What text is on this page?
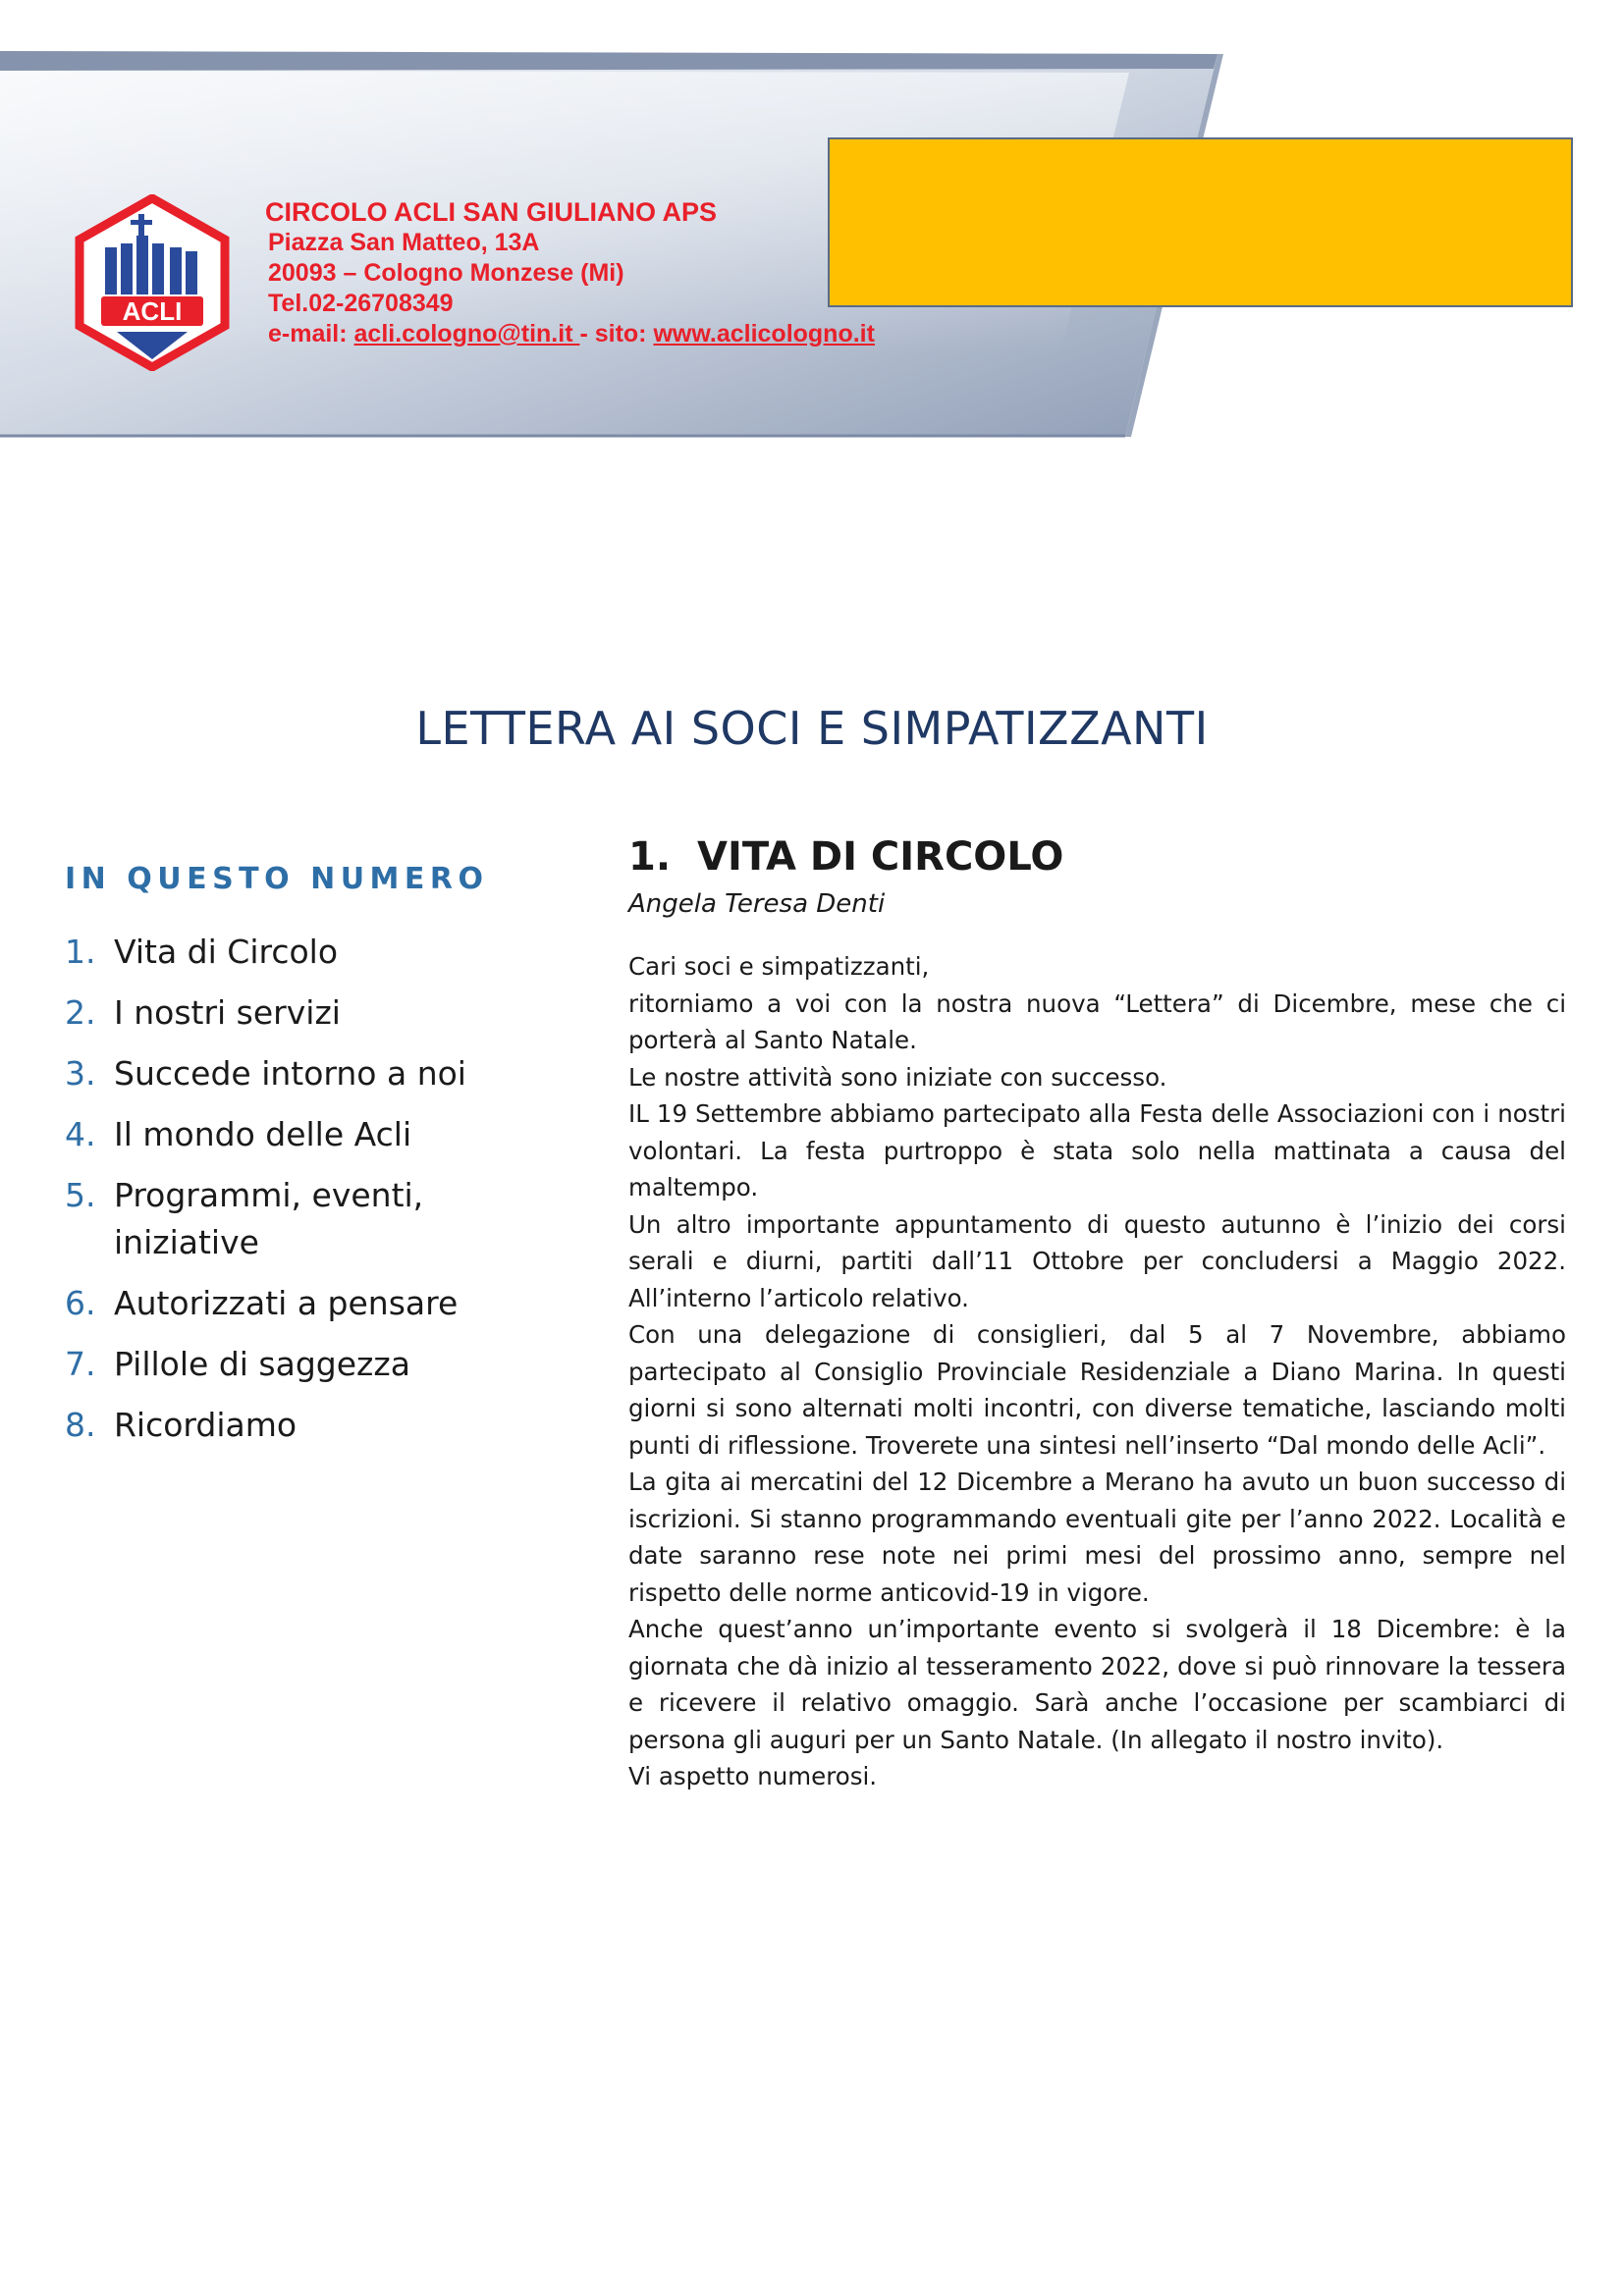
ACLI
CIRCOLO ACLI SAN GIULIANO APS
Piazza San Matteo, 13A
20093 – Cologno Monzese (Mi)
Tel.02-26708349
e-mail: acli.cologno@tin.it - sito: www.aclicologno.it
LETTERA AI SOCI E SIMPATIZZANTI
IN QUESTO NUMERO
1. Vita di Circolo
2. I nostri servizi
3. Succede intorno a noi
4. Il mondo delle Acli
5. Programmi, eventi, iniziative
6. Autorizzati a pensare
7. Pillole di saggezza
8. Ricordiamo
1. VITA DI CIRCOLO
Angela Teresa Denti

Cari soci e simpatizzanti,

ritorniamo a voi con la nostra nuova “Lettera” di Dicembre, mese che ci porterà al Santo Natale.

Le nostre attività sono iniziate con successo.

IL 19 Settembre abbiamo partecipato alla Festa delle Associazioni con i nostri volontari. La festa purtroppo è stata solo nella mattinata a causa del maltempo.

Un altro importante appuntamento di questo autunno è l’inizio dei corsi serali e diurni, partiti dall’11 Ottobre per concludersi a Maggio 2022. All’interno l’articolo relativo.

Con una delegazione di consiglieri, dal 5 al 7 Novembre, abbiamo partecipato al Consiglio Provinciale Residenziale a Diano Marina. In questi giorni si sono alternati molti incontri, con diverse tematiche, lasciando molti punti di riflessione. Troverete una sintesi nell’inserto “Dal mondo delle Acli”.

La gita ai mercatini del 12 Dicembre a Merano ha avuto un buon successo di iscrizioni. Si stanno programmando eventuali gite per l’anno 2022. Località e date saranno rese note nei primi mesi del prossimo anno, sempre nel rispetto delle norme anticovid-19 in vigore.

Anche quest’anno un’importante evento si svolgerà il 18 Dicembre: è la giornata che dà inizio al tesseramento 2022, dove si può rinnovare la tessera e ricevere il relativo omaggio. Sarà anche l’occasione per scambiarci di persona gli auguri per un Santo Natale. (In allegato il nostro invito).

Vi aspetto numerosi.
